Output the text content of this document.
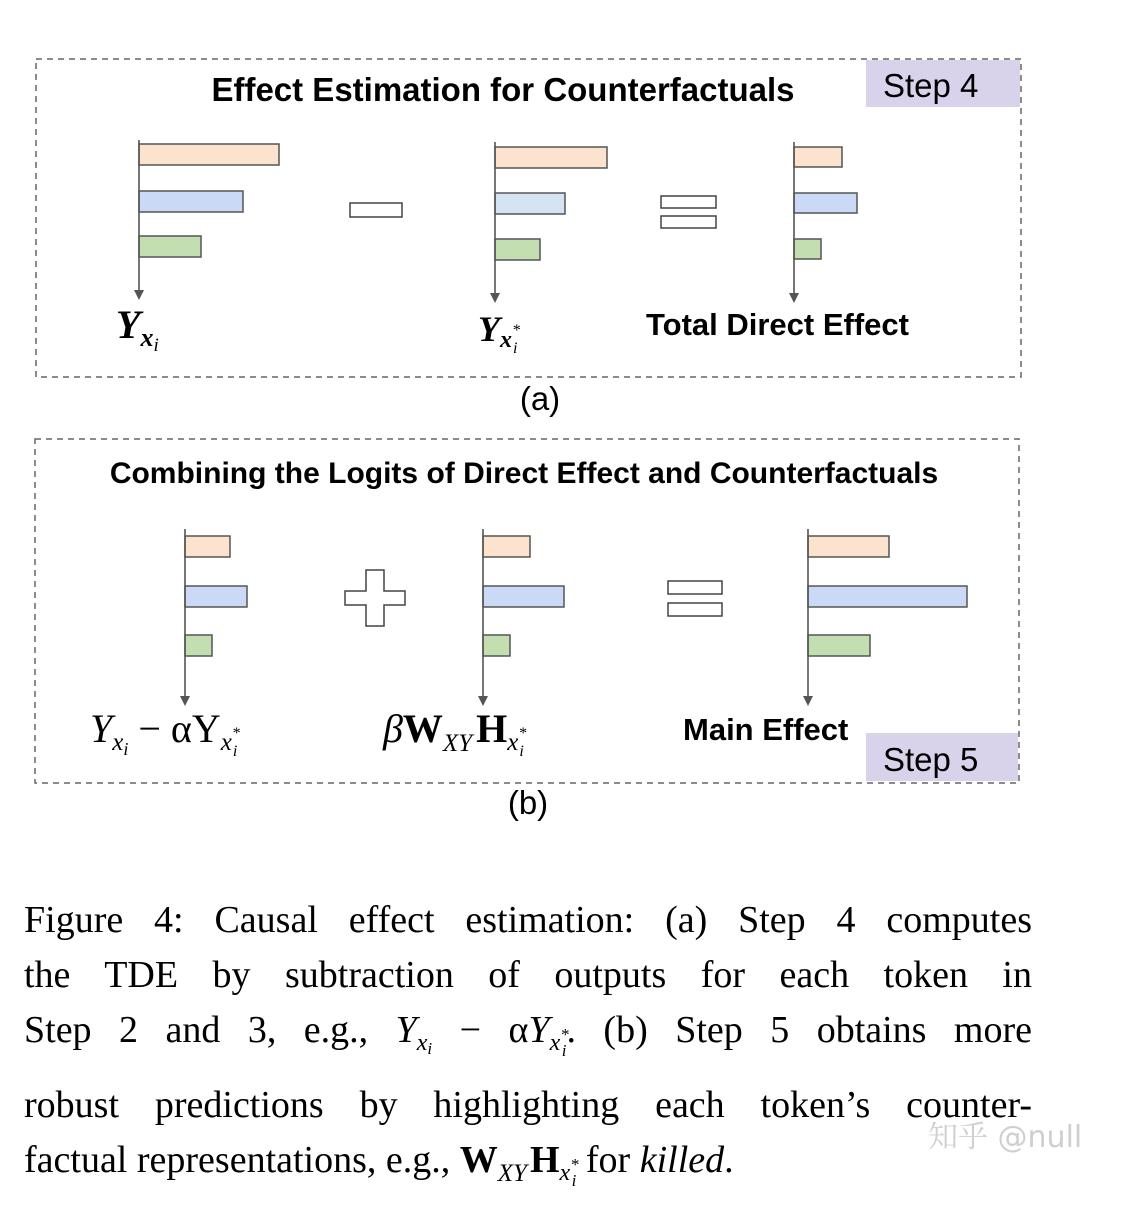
Step 4
Effect Estimation for Counterfactuals
Yxi	Yx* i
Total Direct Effect
(a)
Step 5
Combining the Logits of Direct Effect and Counterfactuals
Yxi − αYx* i
βWXY Hx* i
Main Effect
(b)
Figure 4: Causal effect estimation: (a) Step 4 computes
the TDE by subtraction of outputs for each token in
Step 2 and 3, e.g., $Y_{xi} - \alpha Y_{x^*_i}$. (b) Step 5 obtains more
robust predictions by highlighting each token’s counter-
factual representations, e.g., $W_{XY}H_{x^*_i}$ for killed.
知乎 @null
